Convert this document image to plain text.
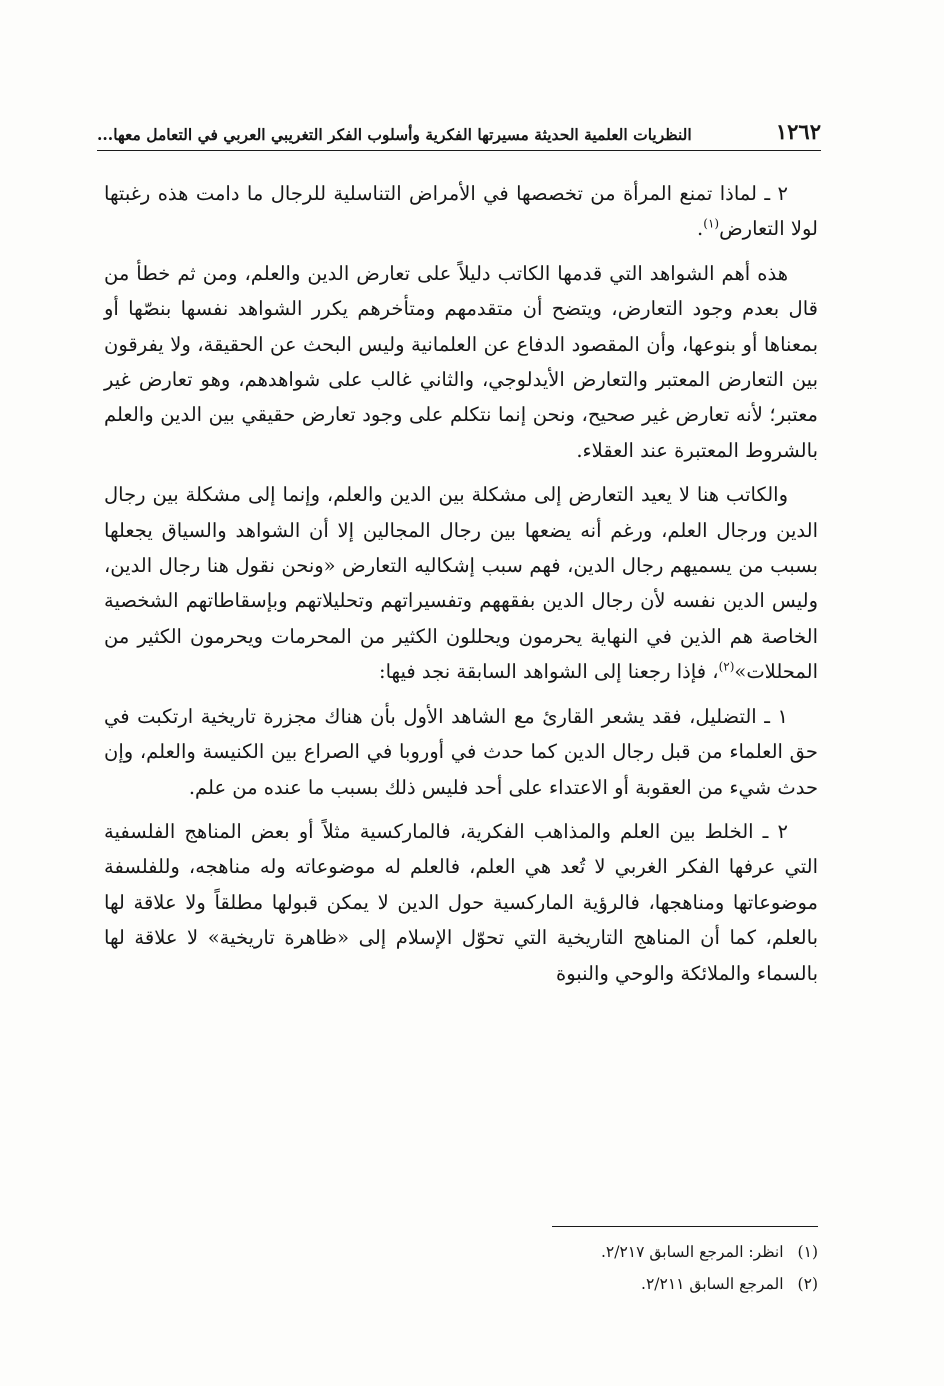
١٢٦٢
النظريات العلمية الحديثة مسيرتها الفكرية وأسلوب الفكر التغريبي العربي في التعامل معها...

٢ ـ لماذا تمنع المرأة من تخصصها في الأمراض التناسلية للرجال ما دامت هذه رغبتها لولا التعارض$^{(١)}$.

هذه أهم الشواهد التي قدمها الكاتب دليلاً على تعارض الدين والعلم، ومن ثم خطأ من قال بعدم وجود التعارض، ويتضح أن متقدمهم ومتأخرهم يكرر الشواهد نفسها بنصّها أو بمعناها أو بنوعها، وأن المقصود الدفاع عن العلمانية وليس البحث عن الحقيقة، ولا يفرقون بين التعارض المعتبر والتعارض الأيدلوجي، والثاني غالب على شواهدهم، وهو تعارض غير معتبر؛ لأنه تعارض غير صحيح، ونحن إنما نتكلم على وجود تعارض حقيقي بين الدين والعلم بالشروط المعتبرة عند العقلاء.

والكاتب هنا لا يعيد التعارض إلى مشكلة بين الدين والعلم، وإنما إلى مشكلة بين رجال الدين ورجال العلم، ورغم أنه يضعها بين رجال المجالين إلا أن الشواهد والسياق يجعلها بسبب من يسميهم رجال الدين، فهم سبب إشكاليه التعارض «ونحن نقول هنا رجال الدين، وليس الدين نفسه لأن رجال الدين بفقههم وتفسيراتهم وتحليلاتهم وبإسقاطاتهم الشخصية الخاصة هم الذين في النهاية يحرمون ويحللون الكثير من المحرمات ويحرمون الكثير من المحللات»$^{(٢)}$، فإذا رجعنا إلى الشواهد السابقة نجد فيها:

١ ـ التضليل، فقد يشعر القارئ مع الشاهد الأول بأن هناك مجزرة تاريخية ارتكبت في حق العلماء من قبل رجال الدين كما حدث في أوروبا في الصراع بين الكنيسة والعلم، وإن حدث شيء من العقوبة أو الاعتداء على أحد فليس ذلك بسبب ما عنده من علم.

٢ ـ الخلط بين العلم والمذاهب الفكرية، فالماركسية مثلاً أو بعض المناهج الفلسفية التي عرفها الفكر الغربي لا تُعد هي العلم، فالعلم له موضوعاته وله مناهجه، وللفلسفة موضوعاتها ومناهجها، فالرؤية الماركسية حول الدين لا يمكن قبولها مطلقاً ولا علاقة لها بالعلم، كما أن المناهج التاريخية التي تحوّل الإسلام إلى «ظاهرة تاريخية» لا علاقة لها بالسماء والملائكة والوحي والنبوة

(١)انظر: المرجع السابق ٢/٢١٧.

(٢)المرجع السابق ٢/٢١١.
